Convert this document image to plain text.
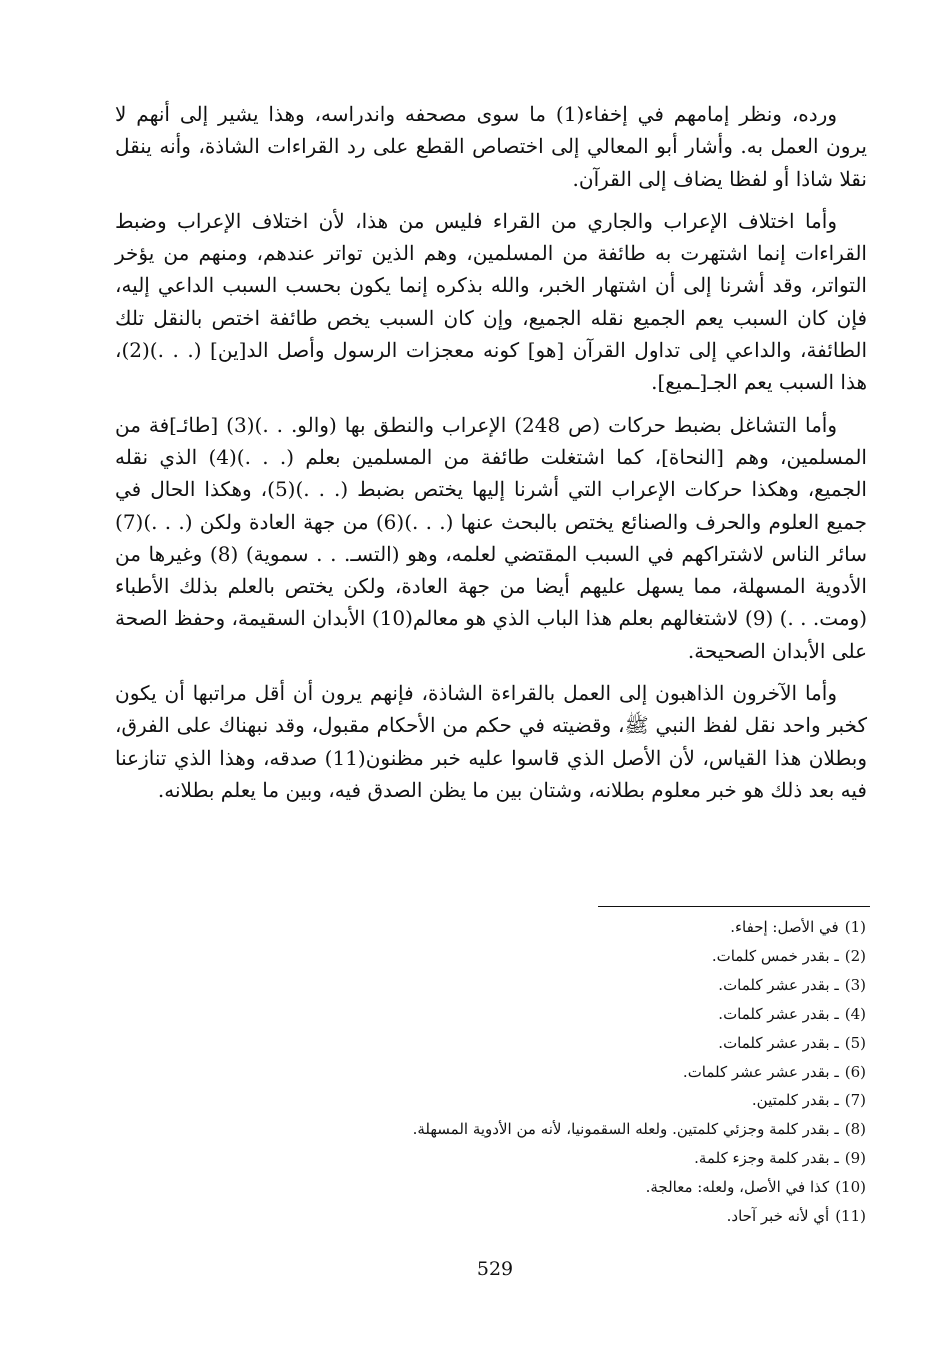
ورده، ونظر إمامهم في إخفاء(1) ما سوى مصحفه واندراسه، وهذا يشير إلى أنهم لا يرون العمل به. وأشار أبو المعالي إلى اختصاص القطع على رد القراءات الشاذة، وأنه ينقل نقلا شاذا أو لفظا يضاف إلى القرآن.

وأما اختلاف الإعراب والجاري من القراء فليس من هذا، لأن اختلاف الإعراب وضبط القراءات إنما اشتهرت به طائفة من المسلمين، وهم الذين تواتر عندهم، ومنهم من يؤخر التواتر، وقد أشرنا إلى أن اشتهار الخبر، والله بذكره إنما يكون بحسب السبب الداعي إليه، فإن كان السبب يعم الجميع نقله الجميع، وإن كان السبب يخص طائفة اختص بالنقل تلك الطائفة، والداعي إلى تداول القرآن [هو] كونه معجزات الرسول وأصل الد[ين] (. . .)(2)، هذا السبب يعم الجـ[ـميع].

وأما التشاغل بضبط حركات (ص 248) الإعراب والنطق بها (والو. . .)(3) [طائـ]فة من المسلمين، وهم [النحاة]، كما اشتغلت طائفة من المسلمين بعلم (. . .)(4) الذي نقله الجميع، وهكذا حركات الإعراب التي أشرنا إليها يختص بضبط (. . .)(5)، وهكذا الحال في جميع العلوم والحرف والصنائع يختص بالبحث عنها (. . .)(6) من جهة العادة ولكن (. . .)(7) سائر الناس لاشتراكهم في السبب المقتضي لعلمه، وهو (التسـ. . . سموية) (8) وغيرها من الأدوية المسهلة، مما يسهل عليهم أيضا من جهة العادة، ولكن يختص بالعلم بذلك الأطباء (ومت. . .) (9) لاشتغالهم بعلم هذا الباب الذي هو معالم(10) الأبدان السقيمة، وحفظ الصحة على الأبدان الصحيحة.

وأما الآخرون الذاهبون إلى العمل بالقراءة الشاذة، فإنهم يرون أن أقل مراتبها أن يكون كخبر واحد نقل لفظ النبي ﷺ، وقضيته في حكم من الأحكام مقبول، وقد نبهناك على الفرق، وبطلان هذا القياس، لأن الأصل الذي قاسوا عليه خبر مظنون(11) صدقه، وهذا الذي تنازعنا فيه بعد ذلك هو خبر معلوم بطلانه، وشتان بين ما يظن الصدق فيه، وبين ما يعلم بطلانه.

(1)في الأصل: إحفاء.
(2)ـ بقدر خمس كلمات.
(3)ـ بقدر عشر كلمات.
(4)ـ بقدر عشر كلمات.
(5)ـ بقدر عشر كلمات.
(6)ـ بقدر عشر عشر كلمات.
(7)ـ بقدر كلمتين.
(8)ـ بقدر كلمة وجزئي كلمتين. ولعله السقمونيا، لأنه من الأدوية المسهلة.
(9)ـ بقدر كلمة وجزء كلمة.
(10)كذا في الأصل، ولعله: معالجة.
(11)أي لأنه خبر آحاد.
529
